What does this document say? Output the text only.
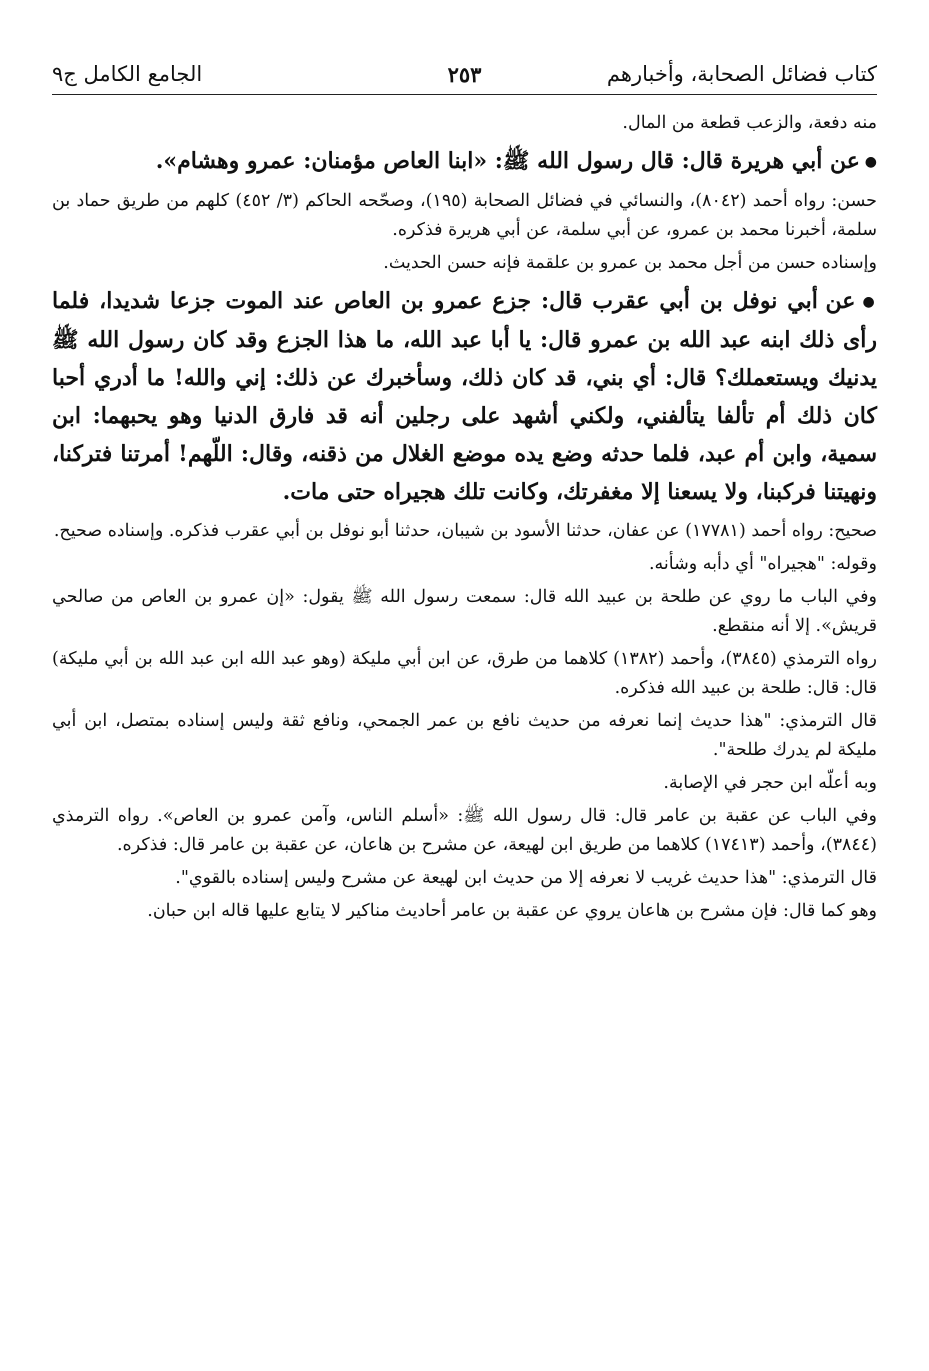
كتاب فضائل الصحابة، وأخبارهم
٢٥٣
الجامع الكامل ج٩

منه دفعة، والزعب قطعة من المال.

● عن أبي هريرة قال: قال رسول الله ﷺ: «ابنا العاص مؤمنان: عمرو وهشام».

حسن: رواه أحمد (٨٠٤٢)، والنسائي في فضائل الصحابة (١٩٥)، وصحّحه الحاكم (٣/ ٤٥٢) كلهم من طريق حماد بن سلمة، أخبرنا محمد بن عمرو، عن أبي سلمة، عن أبي هريرة فذكره.

وإسناده حسن من أجل محمد بن عمرو بن علقمة فإنه حسن الحديث.

● عن أبي نوفل بن أبي عقرب قال: جزع عمرو بن العاص عند الموت جزعا شديدا، فلما رأى ذلك ابنه عبد الله بن عمرو قال: يا أبا عبد الله، ما هذا الجزع وقد كان رسول الله ﷺ يدنيك ويستعملك؟ قال: أي بني، قد كان ذلك، وسأخبرك عن ذلك: إني والله! ما أدري أحبا كان ذلك أم تألفا يتألفني، ولكني أشهد على رجلين أنه قد فارق الدنيا وهو يحبهما: ابن سمية، وابن أم عبد، فلما حدثه وضع يده موضع الغلال من ذقنه، وقال: اللّهم! أمرتنا فتركنا، ونهيتنا فركبنا، ولا يسعنا إلا مغفرتك، وكانت تلك هجيراه حتى مات.

صحيح: رواه أحمد (١٧٧٨١) عن عفان، حدثنا الأسود بن شيبان، حدثنا أبو نوفل بن أبي عقرب فذكره. وإسناده صحيح.

وقوله: "هجيراه" أي دأبه وشأنه.

وفي الباب ما روي عن طلحة بن عبيد الله قال: سمعت رسول الله ﷺ يقول: «إن عمرو بن العاص من صالحي قريش». إلا أنه منقطع.

رواه الترمذي (٣٨٤٥)، وأحمد (١٣٨٢) كلاهما من طرق، عن ابن أبي مليكة (وهو عبد الله ابن عبد الله بن أبي مليكة) قال: قال: طلحة بن عبيد الله فذكره.

قال الترمذي: "هذا حديث إنما نعرفه من حديث نافع بن عمر الجمحي، ونافع ثقة وليس إسناده بمتصل، ابن أبي مليكة لم يدرك طلحة".

وبه أعلّه ابن حجر في الإصابة.

وفي الباب عن عقبة بن عامر قال: قال رسول الله ﷺ: «أسلم الناس، وآمن عمرو بن العاص». رواه الترمذي (٣٨٤٤)، وأحمد (١٧٤١٣) كلاهما من طريق ابن لهيعة، عن مشرح بن هاعان، عن عقبة بن عامر قال: فذكره.

قال الترمذي: "هذا حديث غريب لا نعرفه إلا من حديث ابن لهيعة عن مشرح وليس إسناده بالقوي".

وهو كما قال: فإن مشرح بن هاعان يروي عن عقبة بن عامر أحاديث مناكير لا يتابع عليها قاله ابن حبان.
